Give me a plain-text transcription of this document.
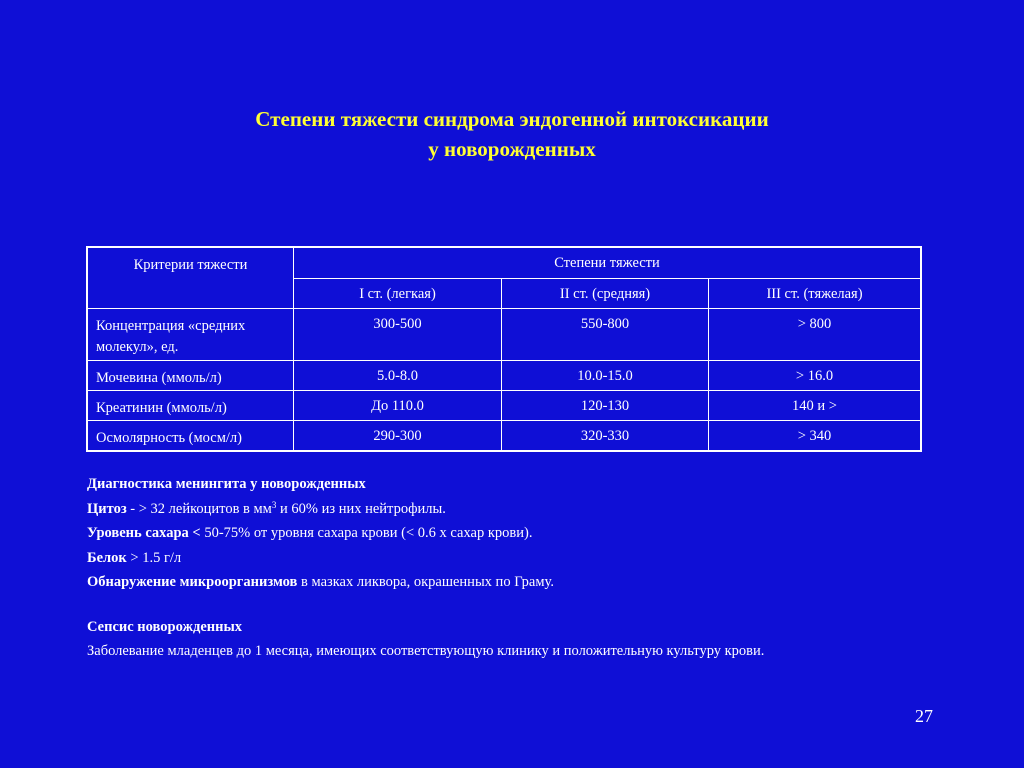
Степени тяжести синдрома эндогенной интоксикации
у новорожденных
Критерии тяжести	Степени тяжести		

	I ст. (легкая)	II ст. (средняя)	III ст. (тяжелая)

Концентрация «средних
молекул», ед.	300-500	550-800	> 800

Мочевина (ммоль/л)	5.0-8.0	10.0-15.0	> 16.0

Креатинин (ммоль/л)	До 110.0	120-130	140 и >

Осмолярность (мосм/л)	290-300	320-330	> 340
Диагностика менингита у новорожденных
Цитоз - > 32 лейкоцитов в $мм^3$ и 60% из них нейтрофилы.
Уровень сахара < 50-75% от уровня сахара крови (< 0.6 х сахар крови).
Белок > 1.5 г/л
Обнаружение микроорганизмов в мазках ликвора, окрашенных по Граму.
Сепсис новорожденных
Заболевание младенцев до 1 месяца, имеющих соответствующую клинику и положительную культуру крови.
27
